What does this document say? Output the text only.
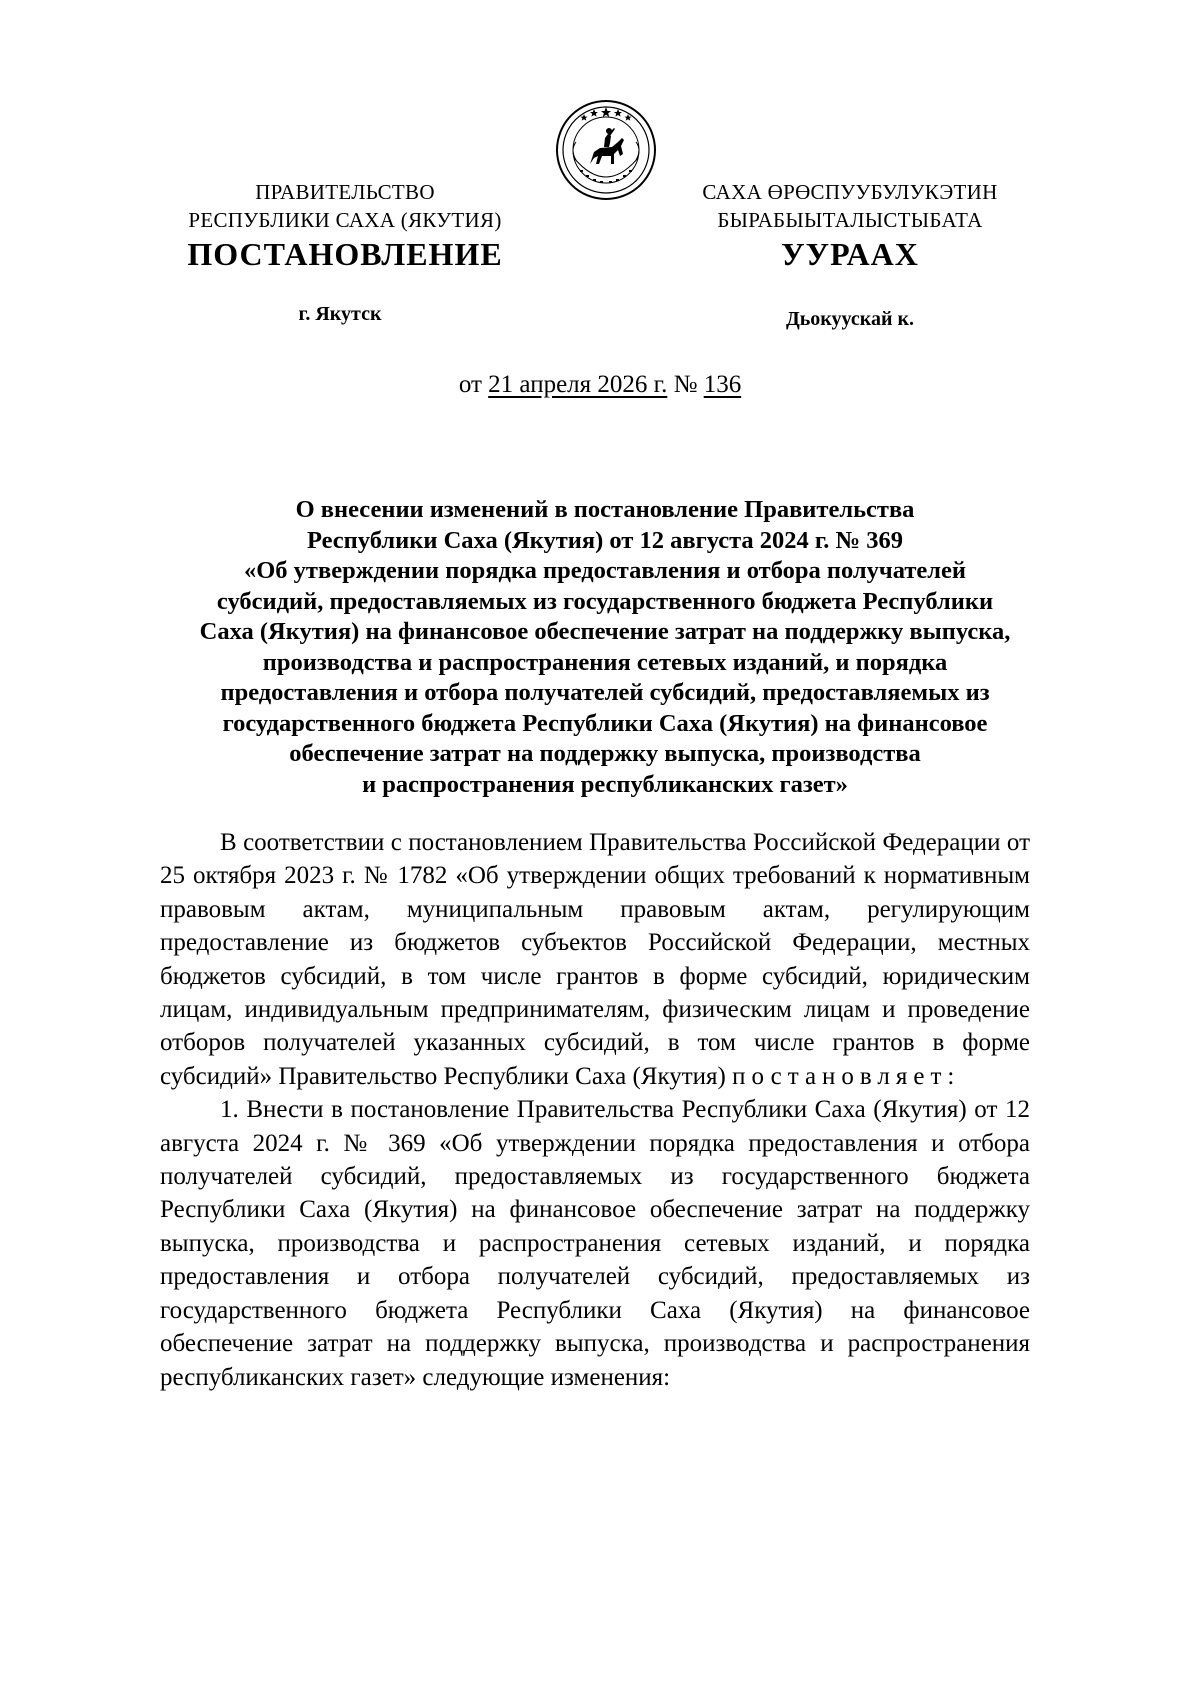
ПРАВИТЕЛЬСТВО
РЕСПУБЛИКИ САХА (ЯКУТИЯ)
САХА ӨРӨСПУУБУЛУКЭТИН
БЫРАБЫЫТАЛЫСТЫБАТА
ПОСТАНОВЛЕНИЕ	УУРААХ
г. Якутск	Дьокуускай к.
от 21 апреля 2026 г. № 136

О внесении изменений в постановление Правительства

Республики Саха (Якутия) от 12 августа 2024 г. № 369

«Об утверждении порядка предоставления и отбора получателей

субсидий, предоставляемых из государственного бюджета Республики

Саха (Якутия) на финансовое обеспечение затрат на поддержку выпуска,

производства и распространения сетевых изданий, и порядка

предоставления и отбора получателей субсидий, предоставляемых из

государственного бюджета Республики Саха (Якутия) на финансовое

обеспечение затрат на поддержку выпуска, производства

и распространения республиканских газет»

В соответствии с постановлением Правительства Российской Федерации от 25 октября 2023 г. № 1782 «Об утверждении общих требований к нормативным правовым актам, муниципальным правовым актам, регулирующим предоставление из бюджетов субъектов Российской Федерации, местных бюджетов субсидий, в том числе грантов в форме субсидий, юридическим лицам, индивидуальным предпринимателям, физическим лицам и проведение отборов получателей указанных субсидий, в том числе грантов в форме субсидий» Правительство Республики Саха (Якутия) постановляет:

1. Внести в постановление Правительства Республики Саха (Якутия) от 12 августа 2024 г. № 369 «Об утверждении порядка предоставления и отбора получателей субсидий, предоставляемых из государственного бюджета Республики Саха (Якутия) на финансовое обеспечение затрат на поддержку выпуска, производства и распространения сетевых изданий, и порядка предоставления и отбора получателей субсидий, предоставляемых из государственного бюджета Республики Саха (Якутия) на финансовое обеспечение затрат на поддержку выпуска, производства и распространения республиканских газет» следующие изменения:
